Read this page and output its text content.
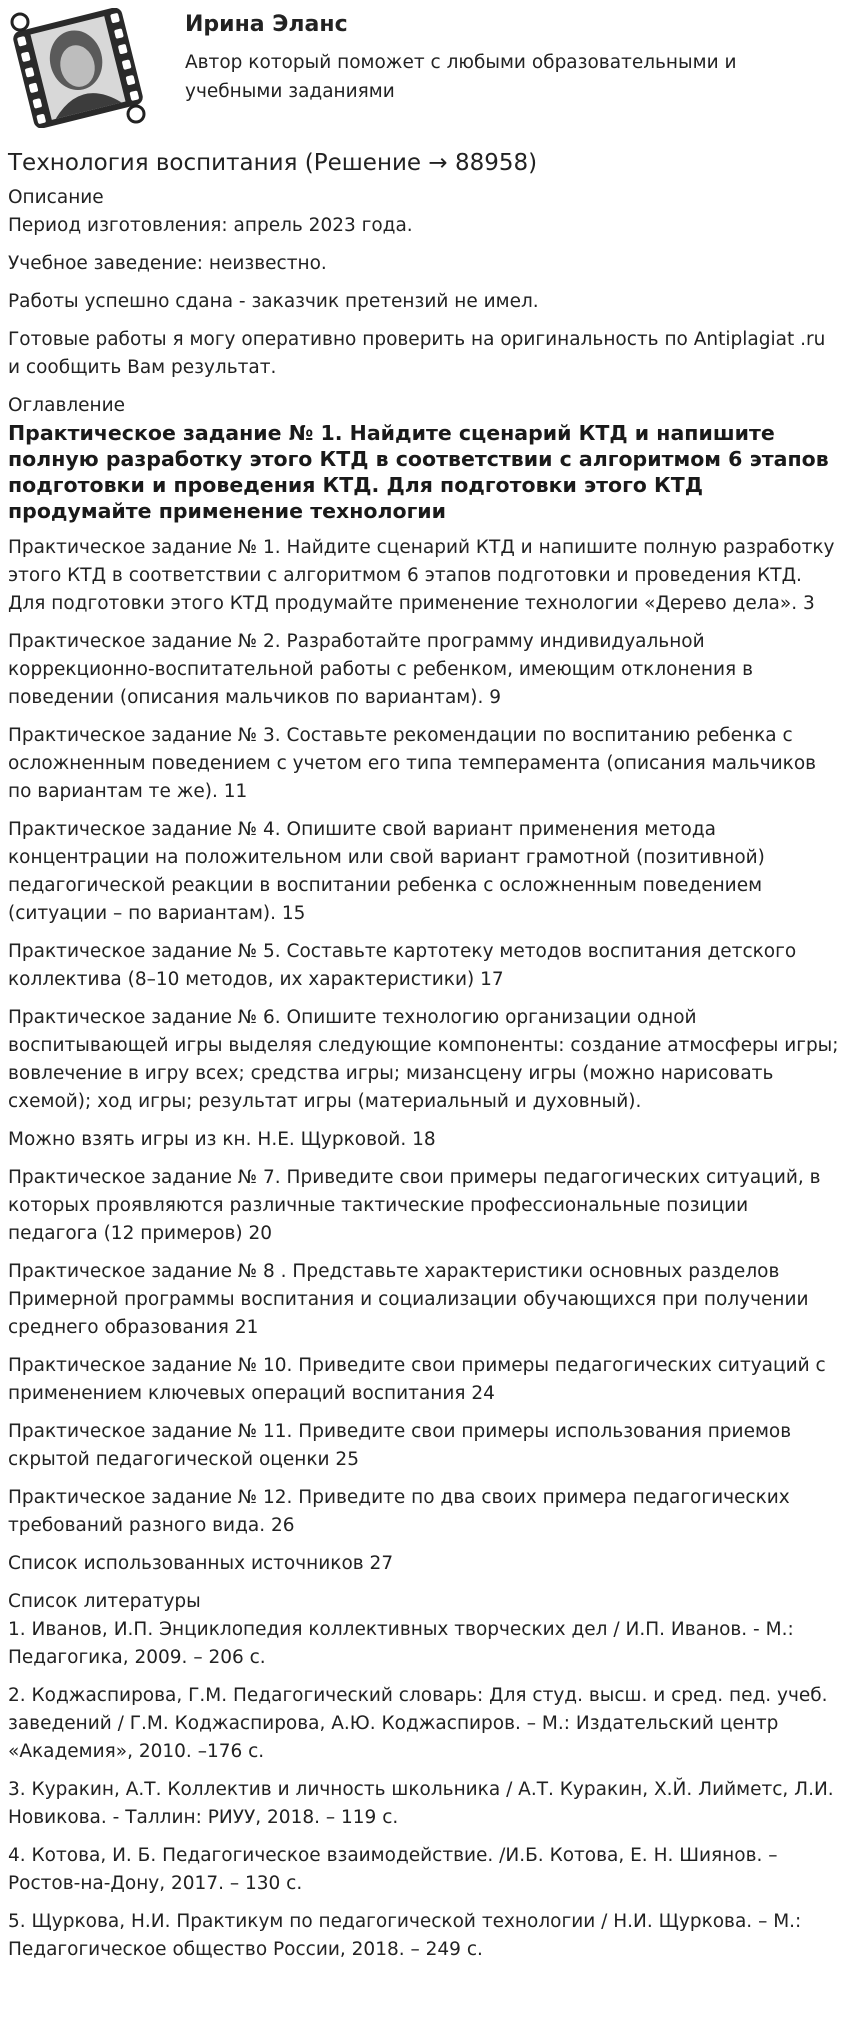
Ирина Эланс
Автор который поможет с любыми образовательными и учебными заданиями
Технология воспитания (Решение → 88958)
Описание

Период изготовления: апрель 2023 года.

Учебное заведение: неизвестно.

Работы успешно сдана - заказчик претензий не имел.

Готовые работы я могу оперативно проверить на оригинальность по Antiplagiat .ru и сообщить Вам результат.

Оглавление
Практическое задание № 1. Найдите сценарий КТД и напишите полную разработку этого КТД в соответствии с алгоритмом 6 этапов подготовки и проведения КТД. Для подготовки этого КТД продумайте применение технологии

Практическое задание № 1. Найдите сценарий КТД и напишите полную разработку этого КТД в соответствии с алгоритмом 6 этапов подготовки и проведения КТД. Для подготовки этого КТД продумайте применение технологии «Дерево дела». 3

Практическое задание № 2. Разработайте программу индивидуальной коррекционно-воспитательной работы с ребенком, имеющим отклонения в поведении (описания мальчиков по вариантам). 9

Практическое задание № 3. Составьте рекомендации по воспитанию ребенка с осложненным поведением с учетом его типа темперамента (описания мальчиков по вариантам те же). 11

Практическое задание № 4. Опишите свой вариант применения метода концентрации на положительном или свой вариант грамотной (позитивной) педагогической реакции в воспитании ребенка с осложненным поведением (ситуации – по вариантам). 15

Практическое задание № 5. Составьте картотеку методов воспитания детского коллектива (8–10 методов, их характеристики) 17

Практическое задание № 6. Опишите технологию организации одной воспитывающей игры выделяя следующие компоненты: создание атмосферы игры; вовлечение в игру всех; средства игры; мизансцену игры (можно нарисовать схемой); ход игры; результат игры (материальный и духовный).

Можно взять игры из кн. Н.Е. Щурковой. 18

Практическое задание № 7. Приведите свои примеры педагогических ситуаций, в которых проявляются различные тактические профессиональные позиции педагога (12 примеров) 20

Практическое задание № 8 . Представьте характеристики основных разделов Примерной программы воспитания и социализации обучающихся при получении среднего образования 21

Практическое задание № 10. Приведите свои примеры педагогических ситуаций с применением ключевых операций воспитания 24

Практическое задание № 11. Приведите свои примеры использования приемов скрытой педагогической оценки 25

Практическое задание № 12. Приведите по два своих примера педагогических требований разного вида. 26

Список использованных источников 27

Список литературы

1. Иванов, И.П. Энциклопедия коллективных творческих дел / И.П. Иванов. - М.: Педагогика, 2009. – 206 с.

2. Коджаспирова, Г.М. Педагогический словарь: Для студ. высш. и сред. пед. учеб. заведений / Г.М. Коджаспирова, А.Ю. Коджаспиров. – М.: Издательский центр «Академия», 2010. –176 с.

3. Куракин, А.Т. Коллектив и личность школьника / А.Т. Куракин, Х.Й. Лийметс, Л.И. Новикова. - Таллин: РИУУ, 2018. – 119 с.

4. Котова, И. Б. Педагогическое взаимодействие. /И.Б. Котова, Е. Н. Шиянов. – Ростов-на-Дону, 2017. – 130 с.

5. Щуркова, Н.И. Практикум по педагогической технологии / Н.И. Щуркова. – М.: Педагогическое общество России, 2018. – 249 с.
